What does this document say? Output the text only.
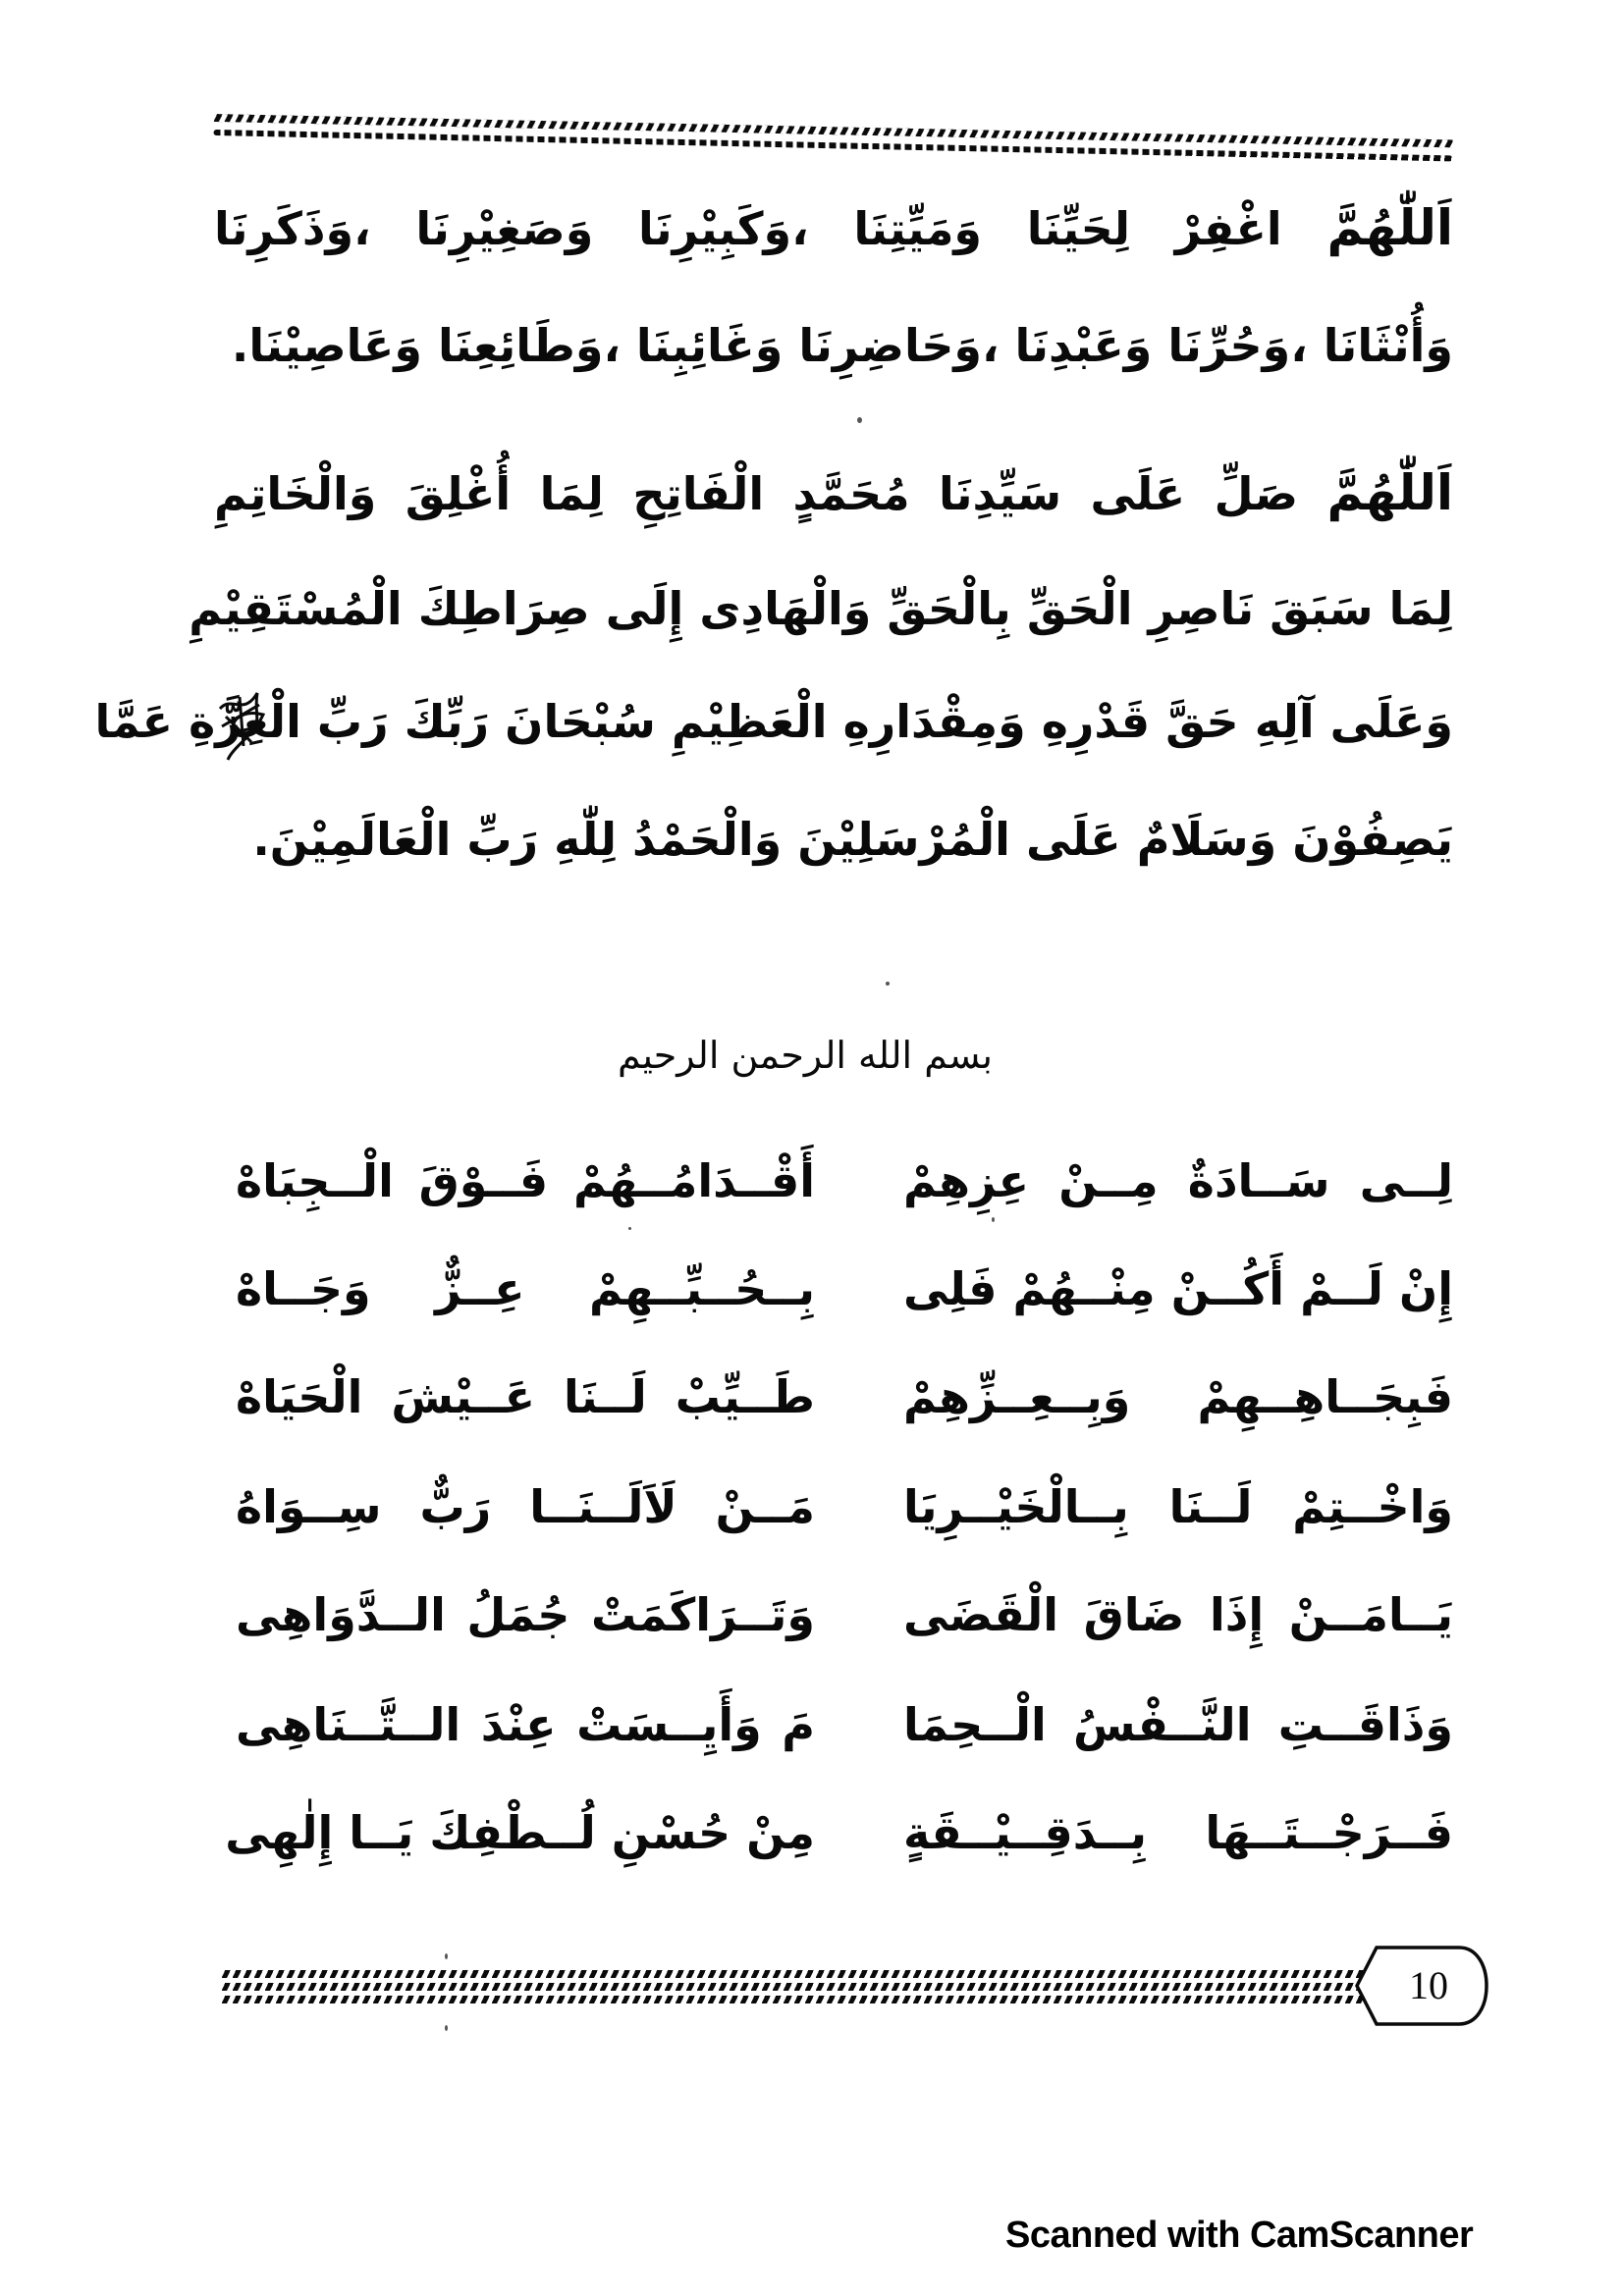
اَللّٰهُمَّ اغْفِرْ لِحَيِّنَا وَمَيِّتِنَا ،وَكَبِيْرِنَا وَصَغِيْرِنَا ،وَذَكَرِنَا
وَأُنْثَانَا ،وَحُرِّنَا وَعَبْدِنَا ،وَحَاضِرِنَا وَغَائِبِنَا ،وَطَائِعِنَا وَعَاصِيْنَا.
اَللّٰهُمَّ صَلِّ عَلَى سَيِّدِنَا مُحَمَّدٍ الْفَاتِحِ لِمَا أُغْلِقَ وَالْخَاتِمِ
لِمَا سَبَقَ نَاصِرِ الْحَقِّ بِالْحَقِّ وَالْهَادِى إِلَى صِرَاطِكَ الْمُسْتَقِيْمِ
وَعَلَى آلِهِ حَقَّ قَدْرِهِ وَمِقْدَارِهِ الْعَظِيْمِ سُبْحَانَ رَبِّكَ رَبِّ الْعِزَّةِ عَمَّا
يَصِفُوْنَ وَسَلَامٌ عَلَى الْمُرْسَلِيْنَ وَالْحَمْدُ لِلّٰهِ رَبِّ الْعَالَمِيْنَ.
بسم الله الرحمن الرحيم
لِــى سَــادَةٌ مِــنْ عِزِهِمْ
أَقْــدَامُــهُمْ فَــوْقَ الْــجِبَاهْ
إِنْ لَــمْ أَكُــنْ مِنْــهُمْ فَلِى
بِــحُــبِّــهِمْ عِــزٌّ وَجَــاهْ
فَبِجَــاهِــهِمْ وَبِــعِــزِّهِمْ
طَــيِّبْ لَــنَا عَــيْشَ الْحَيَاهْ
وَاخْــتِمْ لَــنَا بِــالْخَيْــرِيَا
مَــنْ لَاَلَــنَــا رَبٌّ سِــوَاهُ
يَــامَــنْ إِذَا ضَاقَ الْقَضَى
وَتَــرَاكَمَتْ جُمَلُ الــدَّوَاهِى
وَذَاقَــتِ النَّــفْسُ الْــحِمَا
مَ وَأَيِــسَتْ عِنْدَ الــتَّــنَاهِى
فَــرَجْــتَــهَا بِــدَقِــيْــقَةٍ
مِنْ حُسْنِ لُــطْفِكَ يَــا إِلٰهِى
10
Scanned with CamScanner
